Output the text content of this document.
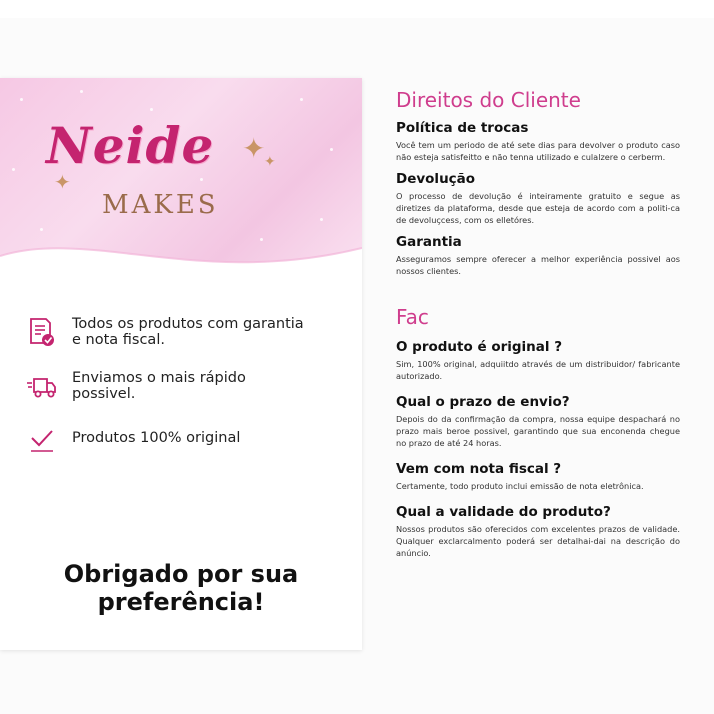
Neide
MAKES
✦
✦
✦
Todos os produtos com garantia e nota fiscal.
Enviamos o mais rápido possivel.
Produtos 100% original
Obrigado por sua preferência!
Direitos do Cliente
Política de trocas

Você tem um periodo de até sete dias para devolver o produto caso não esteja satisfeitto e não tenna utilizado e culalzere o cerberm.

Devolução

O processo de devolução é inteiramente gratuito e segue as diretizes da plataforma, desde que esteja de acordo com a politi-ca de devoluçcess, com os elletóres.

Garantia

Asseguramos sempre oferecer a melhor experiência possivel aos nossos clientes.

Fac
O produto é original ?

Sim, 100% original, adquiitdo através de um distribuidor/ fabricante autorizado.

Qual o prazo de envio?

Depois do da confirmação da compra, nossa equipe despachará no prazo mais beroe possivel, garantindo que sua enconenda chegue no prazo de até 24 horas.

Vem com nota fiscal ?

Certamente, todo produto inclui emissão de nota eletrônica.

Qual a validade do produto?

Nossos produtos são oferecidos com excelentes prazos de validade. Qualquer exclarcalmento poderá ser detalhai-dai na descrição do anúncio.
